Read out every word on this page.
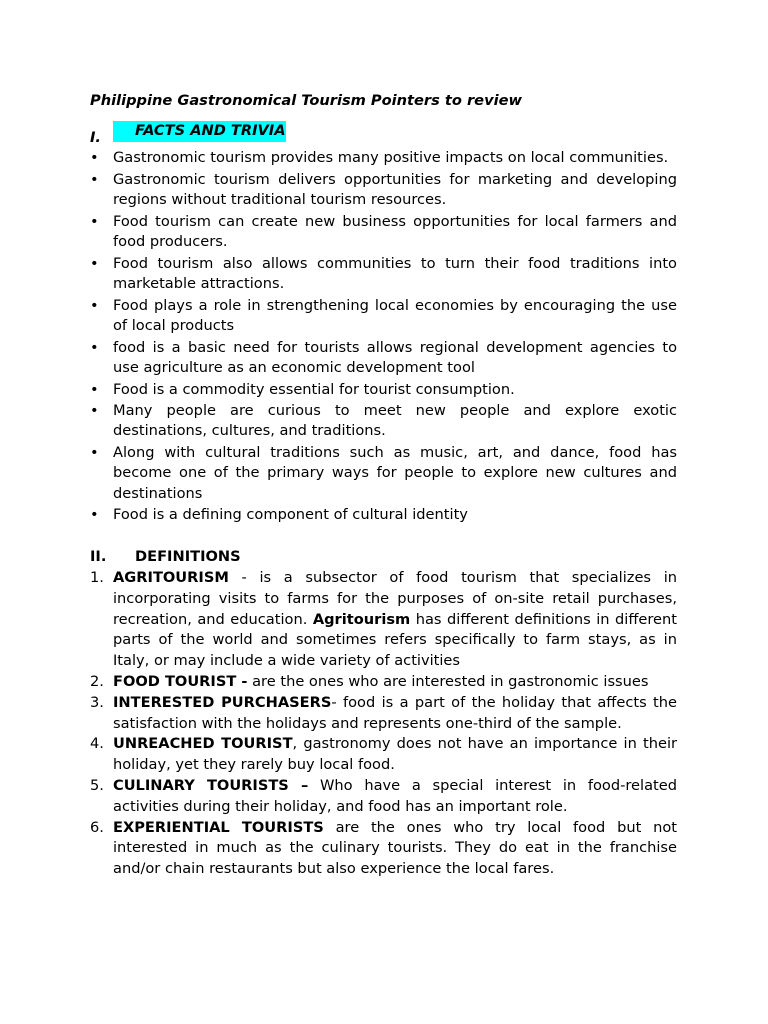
Philippine Gastronomical Tourism Pointers to review
I.	FACTS AND TRIVIA
• Gastronomic tourism provides many positive impacts on local communities.
• Gastronomic tourism delivers opportunities for marketing and developing regions without traditional tourism resources.
• Food tourism can create new business opportunities for local farmers and food producers.
• Food tourism also allows communities to turn their food traditions into marketable attractions.
• Food plays a role in strengthening local economies by encouraging the use of local products
• food is a basic need for tourists allows regional development agencies to use agriculture as an economic development tool
• Food is a commodity essential for tourist consumption.
• Many people are curious to meet new people and explore exotic destinations, cultures, and traditions.
• Along with cultural traditions such as music, art, and dance, food has become one of the primary ways for people to explore new cultures and destinations
• Food is a defining component of cultural identity
II.	DEFINITIONS
1. AGRITOURISM - is a subsector of food tourism that specializes in incorporating visits to farms for the purposes of on-site retail purchases, recreation, and education. Agritourism has different definitions in different parts of the world and sometimes refers specifically to farm stays, as in Italy, or may include a wide variety of activities
2. FOOD TOURIST - are the ones who are interested in gastronomic issues
3. INTERESTED PURCHASERS- food is a part of the holiday that affects the satisfaction with the holidays and represents one-third of the sample.
4. UNREACHED TOURIST, gastronomy does not have an importance in their holiday, yet they rarely buy local food.
5. CULINARY TOURISTS – Who have a special interest in food-related activities during their holiday, and food has an important role.
6. EXPERIENTIAL TOURISTS are the ones who try local food but not interested in much as the culinary tourists. They do eat in the franchise and/or chain restaurants but also experience the local fares.
